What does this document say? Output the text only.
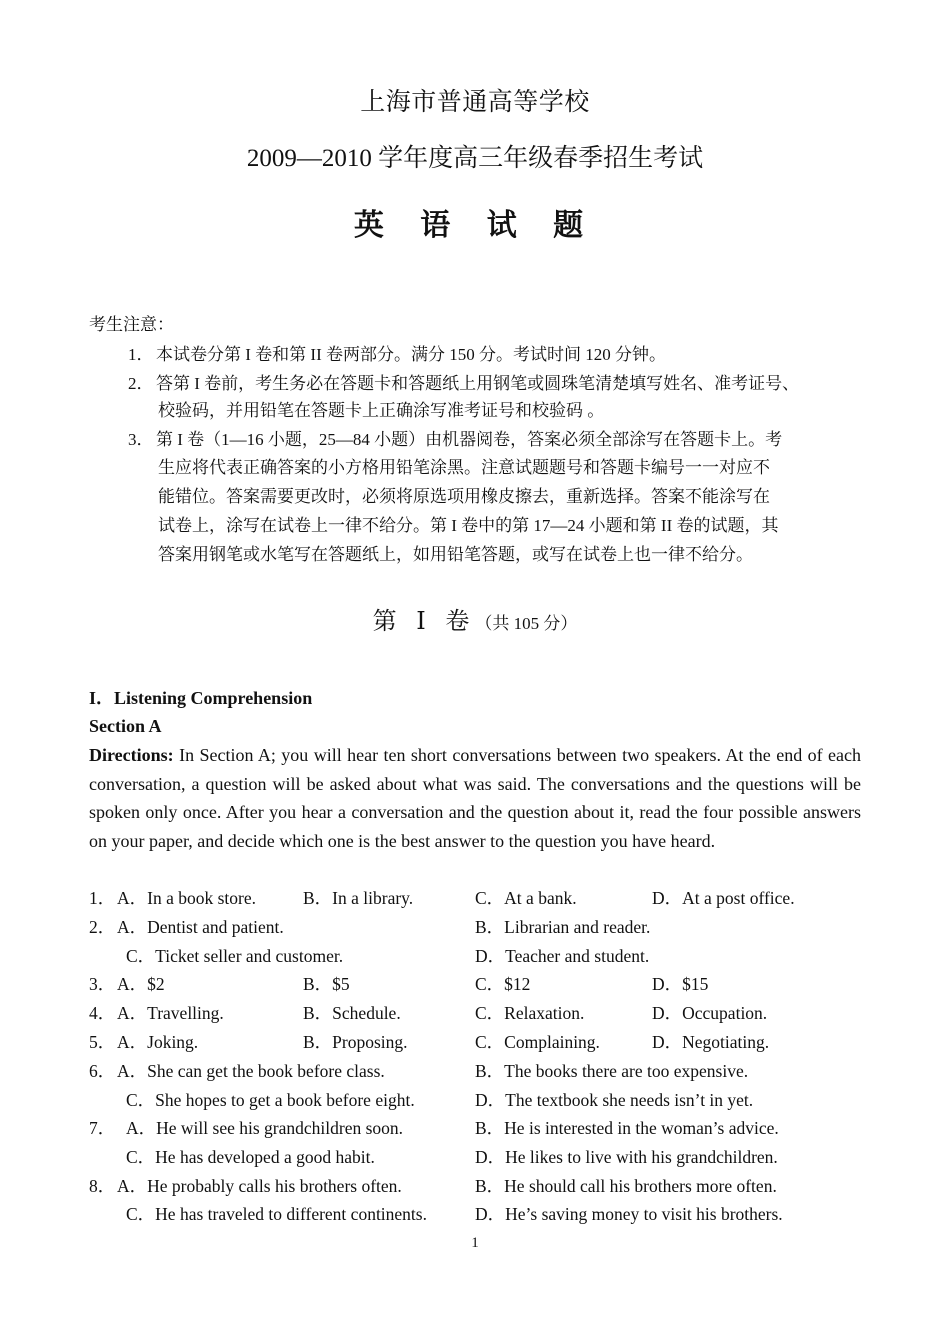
上海市普通高等学校
2009—2010 学年度高三年级春季招生考试
英 语 试 题
考生注意：
1． 本试卷分第 I 卷和第 II 卷两部分。满分 150 分。考试时间 120 分钟。
2． 答第 I 卷前，考生务必在答题卡和答题纸上用钢笔或圆珠笔清楚填写姓名、准考证号、
校验码，并用铅笔在答题卡上正确涂写准考证号和校验码 。
3． 第 I 卷（1—16 小题，25—84 小题）由机器阅卷，答案必须全部涂写在答题卡上。考
生应将代表正确答案的小方格用铅笔涂黑。注意试题题号和答题卡编号一一对应不
能错位。答案需要更改时，必须将原选项用橡皮擦去，重新选择。答案不能涂写在
试卷上，涂写在试卷上一律不给分。第 I 卷中的第 17—24 小题和第 II 卷的试题，其
答案用钢笔或水笔写在答题纸上，如用铅笔答题，或写在试卷上也一律不给分。
第 I 卷（共 105 分）
I．Listening Comprehension
Section A
Directions: In Section A; you will hear ten short conversations between two speakers. At the end of each conversation, a question will be asked about what was said. The conversations and the questions will be spoken only once. After you hear a conversation and the question about it, read the four possible answers on your paper, and decide which one is the best answer to the question you have heard.
1． A．In a book store.	B．In a library.	C．At a bank.	D．At a post office.
2． A．Dentist and patient.	B．Librarian and reader.
C．Ticket seller and customer.	D．Teacher and student.
3． A．$2	B．$5	C．$12	D．$15
4． A．Travelling.	B．Schedule.	C．Relaxation.	D．Occupation.
5． A．Joking.	B．Proposing.	C．Complaining.	D．Negotiating.
6． A．She can get the book before class.	B．The books there are too expensive.
C．She hopes to get a book before eight.	D．The textbook she needs isn’t in yet.
7． A．He will see his grandchildren soon.	B．He is interested in the woman’s advice.
C．He has developed a good habit.	D．He likes to live with his grandchildren.
8． A．He probably calls his brothers often.	B．He should call his brothers more often.
C．He has traveled to different continents.	D．He’s saving money to visit his brothers.
1
